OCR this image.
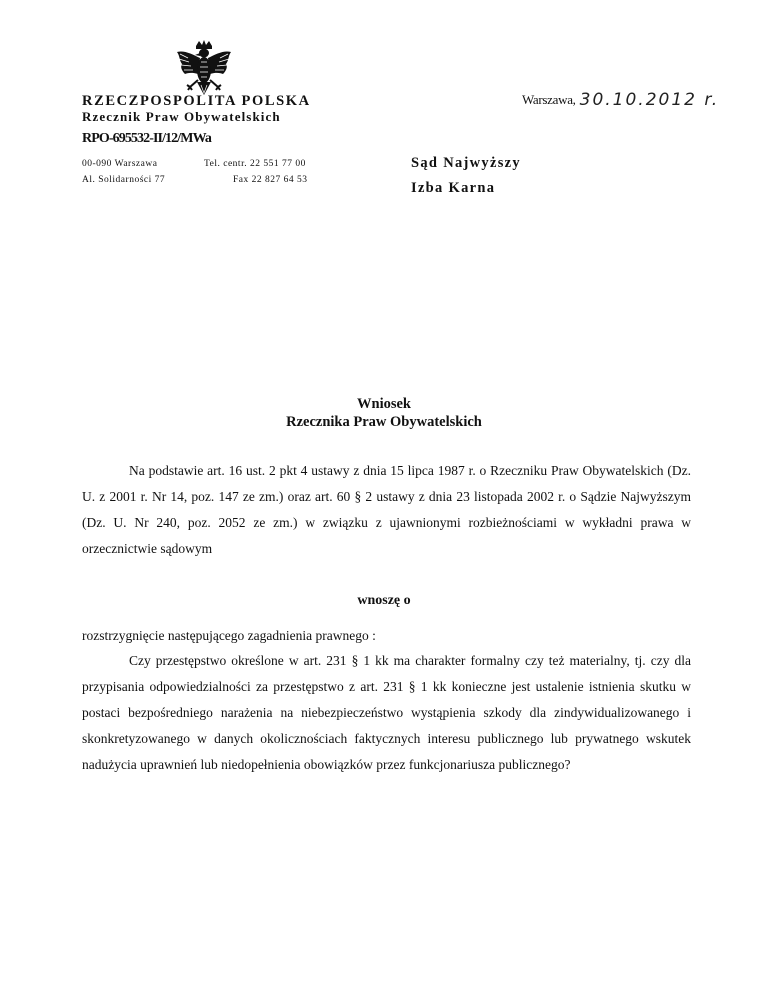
RZECZPOSPOLITA POLSKA
Rzecznik Praw Obywatelskich
RPO-695532-II/12/MWa
00-090 Warszawa
Al. Solidarności 77
Tel. centr. 22 551 77 00
Fax 22 827 64 53
Warszawa, 30.10.2012 r.
Sąd Najwyższy
Izba Karna
Wniosek
Rzecznika Praw Obywatelskich
Na podstawie art. 16 ust. 2 pkt 4 ustawy z dnia 15 lipca 1987 r. o Rzeczniku Praw Obywatelskich (Dz. U. z 2001 r. Nr 14, poz. 147 ze zm.) oraz art. 60 § 2 ustawy z dnia 23 listopada 2002 r. o Sądzie Najwyższym (Dz. U. Nr 240, poz. 2052 ze zm.) w związku z ujawnionymi rozbieżnościami w wykładni prawa w orzecznictwie sądowym
wnoszę o
rozstrzygnięcie następującego zagadnienia prawnego :
Czy przestępstwo określone w art. 231 § 1 kk ma charakter formalny czy też materialny, tj. czy dla przypisania odpowiedzialności za przestępstwo z art. 231 § 1 kk konieczne jest ustalenie istnienia skutku w postaci bezpośredniego narażenia na niebezpieczeństwo wystąpienia szkody dla zindywidualizowanego i skonkretyzowanego w danych okolicznościach faktycznych interesu publicznego lub prywatnego wskutek nadużycia uprawnień lub niedopełnienia obowiązków przez funkcjonariusza publicznego?
